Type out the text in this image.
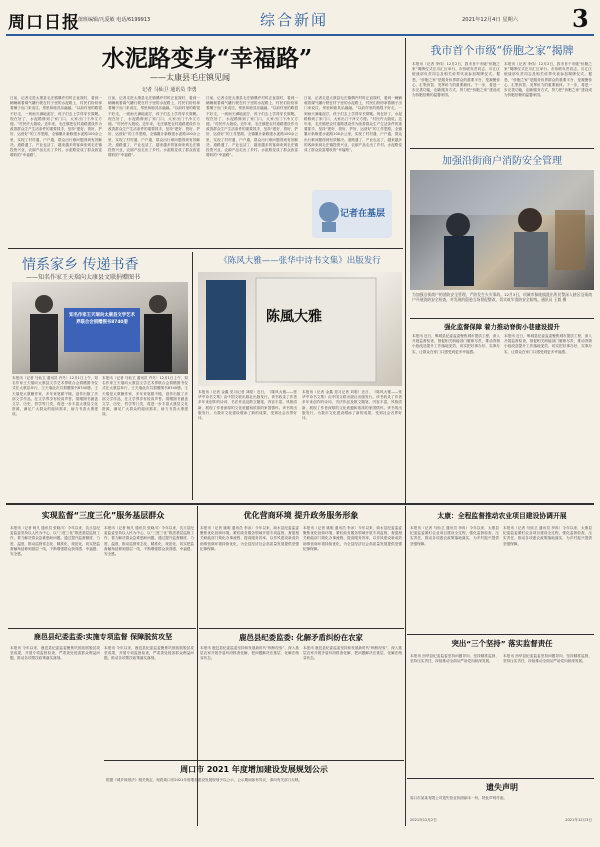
周口日报
值班编辑/凡爱敏 电话/6199913	综合新闻	2021年12月4日 星期六 3
水泥路变身“幸福路”
——太康县毛庄镇见闻
记者 马仙卫 通讯员 李勇
日前，记者走进太康县毛庄镇偶许村时正直饭时，看到一辆辆载着煤气罐行驶在村子里的水泥路上，村民们纷纷拿着桶子出门来说往，邻里和睦其乐融融。“以前村里的路很不好走，一到雨天满地泥泞，孩子们去上学得穿长筒靴。现在好了，水泥路修到了家门口，大家出门干净又方便。”村民许大娘说。近年来，毛庄镇把农村道路建设作为改善群众生产生活条件的重要抓手，坚持“建好、管好、护好、运营好”的工作思路，全镇累计新修建水泥路100余公里，实现了村村通、户户通，群众出行难问题得到有效解决。道路通了，产业也活了，越来越多的客商来到毛庄镇投资兴业，农副产品走出了乡村。水泥路变成了群众致富增收的“幸福路”。
日前，记者走进太康县毛庄镇偶许村时正直饭时，看到一辆辆载着煤气罐行驶在村子里的水泥路上，村民们纷纷拿着桶子出门来说往，邻里和睦其乐融融。“以前村里的路很不好走，一到雨天满地泥泞，孩子们去上学得穿长筒靴。现在好了，水泥路修到了家门口，大家出门干净又方便。”村民许大娘说。近年来，毛庄镇把农村道路建设作为改善群众生产生活条件的重要抓手，坚持“建好、管好、护好、运营好”的工作思路，全镇累计新修建水泥路100余公里，实现了村村通、户户通，群众出行难问题得到有效解决。道路通了，产业也活了，越来越多的客商来到毛庄镇投资兴业，农副产品走出了乡村。水泥路变成了群众致富增收的“幸福路”。
日前，记者走进太康县毛庄镇偶许村时正直饭时，看到一辆辆载着煤气罐行驶在村子里的水泥路上，村民们纷纷拿着桶子出门来说往，邻里和睦其乐融融。“以前村里的路很不好走，一到雨天满地泥泞，孩子们去上学得穿长筒靴。现在好了，水泥路修到了家门口，大家出门干净又方便。”村民许大娘说。近年来，毛庄镇把农村道路建设作为改善群众生产生活条件的重要抓手，坚持“建好、管好、护好、运营好”的工作思路，全镇累计新修建水泥路100余公里，实现了村村通、户户通，群众出行难问题得到有效解决。道路通了，产业也活了，越来越多的客商来到毛庄镇投资兴业，农副产品走出了乡村。水泥路变成了群众致富增收的“幸福路”。
日前，记者走进太康县毛庄镇偶许村时正直饭时，看到一辆辆载着煤气罐行驶在村子里的水泥路上，村民们纷纷拿着桶子出门来说往，邻里和睦其乐融融。“以前村里的路很不好走，一到雨天满地泥泞，孩子们去上学得穿长筒靴。现在好了，水泥路修到了家门口，大家出门干净又方便。”村民许大娘说。近年来，毛庄镇把农村道路建设作为改善群众生产生活条件的重要抓手，坚持“建好、管好、护好、运营好”的工作思路，全镇累计新修建水泥路100余公里，实现了村村通、户户通，群众出行难问题得到有效解决。道路通了，产业也活了，越来越多的客商来到毛庄镇投资兴业，农副产品走出了乡村。水泥路变成了群众致富增收的“幸福路”。
记者在基层
我市首个市级“侨胞之家”揭牌
本报讯（记者 李伟）12月2日，我市首个市级“侨胞之家”揭牌仪式在川汇区举行。市侨联负责同志、川汇区统战部负责同志及相关侨界代表参加揭牌仪式。据悉，“侨胞之家”是服务侨界群众的重要平台，是凝聚侨心、汇集侨智、发挥侨力的重要载体。下一步，将进一步完善功能，创新服务方式，努力把“侨胞之家”建设成为侨胞信赖的温馨家园。
本报讯（记者 李伟）12月2日，我市首个市级“侨胞之家”揭牌仪式在川汇区举行。市侨联负责同志、川汇区统战部负责同志及相关侨界代表参加揭牌仪式。据悉，“侨胞之家”是服务侨界群众的重要平台，是凝聚侨心、汇集侨智、发挥侨力的重要载体。下一步，将进一步完善功能，创新服务方式，努力把“侨胞之家”建设成为侨胞信赖的温馨家园。
加强沿街商户消防安全管理
为加强沿街商户的消防安全管理，严防发生火灾事故。12月3日，项城市秣陵镇派出所民警深入辖区沿街商户开展消防安全检查，对发现的隐患当场督促整改，切实筑牢消防安全防线。通讯员 王毅 摄
情系家乡 传递书香
——知名作家王天瑞向太康县文联捐赠图书
知名作家王天瑞向太康县文学艺术界联合会捐赠图书8740册
本报讯（记者 马仙卫 通讯员 许冬）12月1日上午，知名作家王天瑞向太康县文学艺术界联合会捐赠图书仪式在太康县举行，王天瑞此次共捐赠图书8740册。王天瑞是太康籍作家，多年来笔耕不辍，创作出版了多部文学作品，在文学界享有较高声誉。捐赠图书涵盖文学、历史、哲学等门类，将进一步丰富太康县文化资源，满足广大群众的阅读需求，助力书香太康建设。
本报讯（记者 马仙卫 通讯员 许冬）12月1日上午，知名作家王天瑞向太康县文学艺术界联合会捐赠图书仪式在太康县举行，王天瑞此次共捐赠图书8740册。王天瑞是太康籍作家，多年来笔耕不辍，创作出版了多部文学作品，在文学界享有较高声誉。捐赠图书涵盖文学、历史、哲学等门类，将进一步丰富太康县文化资源，满足广大群众的阅读需求，助力书香太康建设。
《陈风大雅——张华中诗书文集》出版发行
陈風大雅
本报讯（记者 金鑫 见习记者 刘聪）近日，《陈风大雅——张华中诗书文集》由中国文联出版社出版发行。该书收录了作者多年来创作的诗词、书法作品及散文随笔，内容丰富，风格清新，展现了作者深厚的文化底蕴和浓浓的家国情怀。该书的出版发行，为我市文化建设增添了新的成果，受到社会各界好评。
本报讯（记者 金鑫 见习记者 刘聪）近日，《陈风大雅——张华中诗书文集》由中国文联出版社出版发行。该书收录了作者多年来创作的诗词、书法作品及散文随笔，内容丰富，风格清新，展现了作者深厚的文化底蕴和浓浓的家国情怀。该书的出版发行，为我市文化建设增添了新的成果，受到社会各界好评。
强化监督保障 着力推动脊街小巷建设提升
本报讯 近日，郸城县纪委监委聚焦城市提质工程，深入开展监督检查，督促相关职能部门履职尽责，推动背街小巷改造提升工作落地见效，切实把好事办好、实事办实，让群众在家门口感受到更多幸福感。
本报讯 近日，郸城县纪委监委聚焦城市提质工程，深入开展监督检查，督促相关职能部门履职尽责，推动背街小巷改造提升工作落地见效，切实把好事办好、实事办实，让群众在家门口感受到更多幸福感。
实现监督“三度三化”服务基层群众
本报讯（记者 杨凡 通讯员 张晓川）今年以来，沈丘县纪委监委坚持以人民为中心，以“三度三化”推进基层监督工作，着力解决群众急难愁盼问题。通过提升监督精度、力度、温度，推动监督常态化、精准化、规范化，切实把监督触角延伸到基层一线，不断增强群众获得感、幸福感、安全感。
本报讯（记者 杨凡 通讯员 张晓川）今年以来，沈丘县纪委监委坚持以人民为中心，以“三度三化”推进基层监督工作，着力解决群众急难愁盼问题。通过提升监督精度、力度、温度，推动监督常态化、精准化、规范化，切实把监督触角延伸到基层一线，不断增强群众获得感、幸福感、安全感。
优化营商环境 提升政务服务形象
本报讯（记者 姚明 通讯员 李冰）今年以来，商水县纪委监委聚焦优化营商环境，紧盯政务服务领域开展专项监督，督促相关职能部门简化办事流程、提高服务效率，以作风建设新成效助推营商环境持续优化，为全县经济社会高质量发展提供坚强纪律保障。
本报讯（记者 姚明 通讯员 李冰）今年以来，商水县纪委监委聚焦优化营商环境，紧盯政务服务领域开展专项监督，督促相关职能部门简化办事流程、提高服务效率，以作风建设新成效助推营商环境持续优化，为全县经济社会高质量发展提供坚强纪律保障。
太康：全程监督推动农业项目建设协调开展
本报讯（记者 马仙卫 通讯员 李冉）今年以来，太康县纪委监委紧盯农业项目建设全过程，强化监督检查，压实责任，推动各项惠农政策落地落实，为乡村振兴提供坚强保障。
本报讯（记者 马仙卫 通讯员 李冉）今年以来，太康县纪委监委紧盯农业项目建设全过程，强化监督检查，压实责任，推动各项惠农政策落地落实，为乡村振兴提供坚强保障。
鹿邑县纪委监委:实施专项监督 保障脱贫攻坚
本报讯 今年以来，鹿邑县纪委监委聚焦巩固拓展脱贫攻坚成果，开展专项监督检查，严肃查处侵害群众利益问题，推动各项帮扶政策落实落细。
本报讯 今年以来，鹿邑县纪委监委聚焦巩固拓展脱贫攻坚成果，开展专项监督检查，严肃查处侵害群众利益问题，推动各项帮扶政策落实落细。
鹿邑县纪委监委: 化解矛盾纠纷在农家
本报讯 鹿邑县纪委监委坚持和发展新时代“枫桥经验”，深入基层农家开展矛盾纠纷排查化解，把问题解决在基层、化解在萌芽状态。
本报讯 鹿邑县纪委监委坚持和发展新时代“枫桥经验”，深入基层农家开展矛盾纠纷排查化解，把问题解决在基层、化解在萌芽状态。
突出“三个坚持” 落实监督责任
本报讯 西华县纪委监委坚持问题导向、坚持精准监督、坚持压实责任，持续推动全面从严治党向纵深发展。
本报讯 西华县纪委监委坚持问题导向、坚持精准监督、坚持压实责任，持续推动全面从严治党向纵深发展。
周口市 2021 年度增加建设发展规划公示
根据《城乡规划法》相关规定，现将周口市2021年度增加建设发展规划予以公示，公示期间如有异议，请向有关部门反映。
遗失声明
周口市某某有限公司遗失营业执照副本一份，特此声明作废。
2021年12月2日	2021年12月3日
